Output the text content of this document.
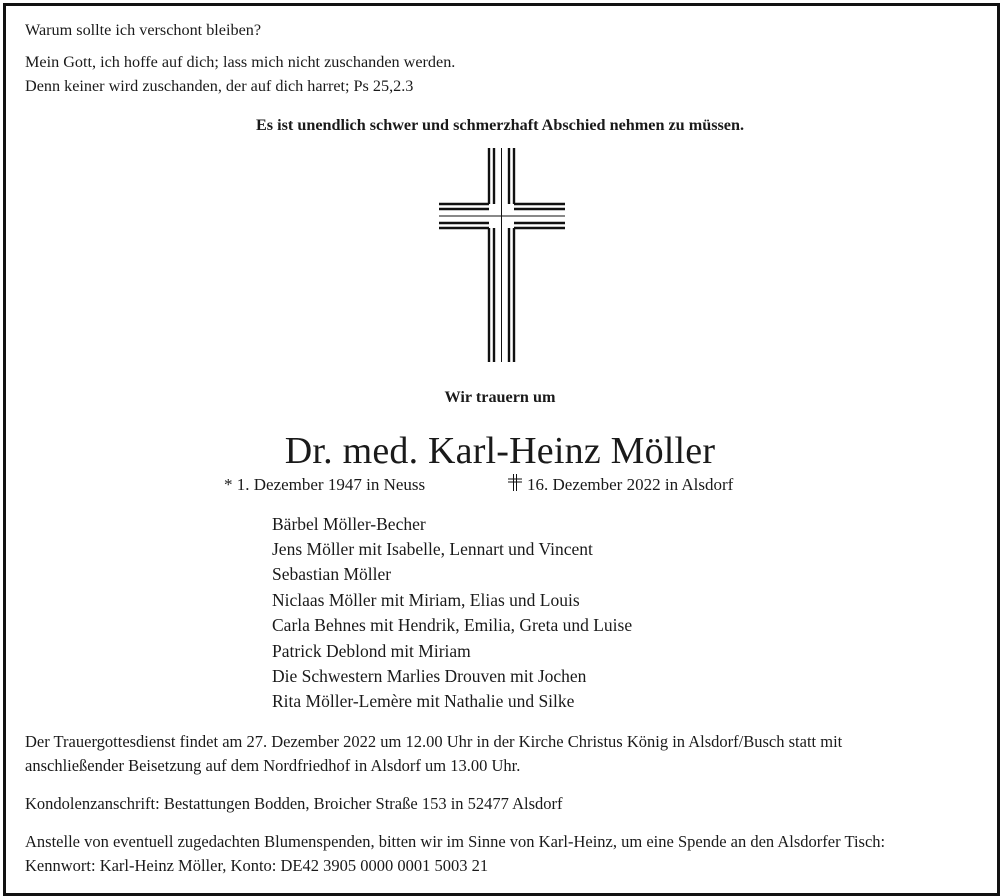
Warum sollte ich verschont bleiben?
Mein Gott, ich hoffe auf dich; lass mich nicht zuschanden werden.
Denn keiner wird zuschanden, der auf dich harret; Ps 25,2.3
Es ist unendlich schwer und schmerzhaft Abschied nehmen zu müssen.
Wir trauern um
Dr. med. Karl-Heinz Möller
* 1. Dezember 1947 in Neuss	16. Dezember 2022 in Alsdorf
Bärbel Möller-Becher
Jens Möller mit Isabelle, Lennart und Vincent
Sebastian Möller
Niclaas Möller mit Miriam, Elias und Louis
Carla Behnes mit Hendrik, Emilia, Greta und Luise
Patrick Deblond mit Miriam
Die Schwestern Marlies Drouven mit Jochen
Rita Möller-Lemère mit Nathalie und Silke
Der Trauergottesdienst findet am 27. Dezember 2022 um 12.00 Uhr in der Kirche Christus König in Alsdorf/Busch statt mit
anschließender Beisetzung auf dem Nordfriedhof in Alsdorf um 13.00 Uhr.
Kondolenzanschrift: Bestattungen Bodden, Broicher Straße 153 in 52477 Alsdorf
Anstelle von eventuell zugedachten Blumenspenden, bitten wir im Sinne von Karl-Heinz, um eine Spende an den Alsdorfer Tisch:
Kennwort: Karl-Heinz Möller, Konto: DE42 3905 0000 0001 5003 21
